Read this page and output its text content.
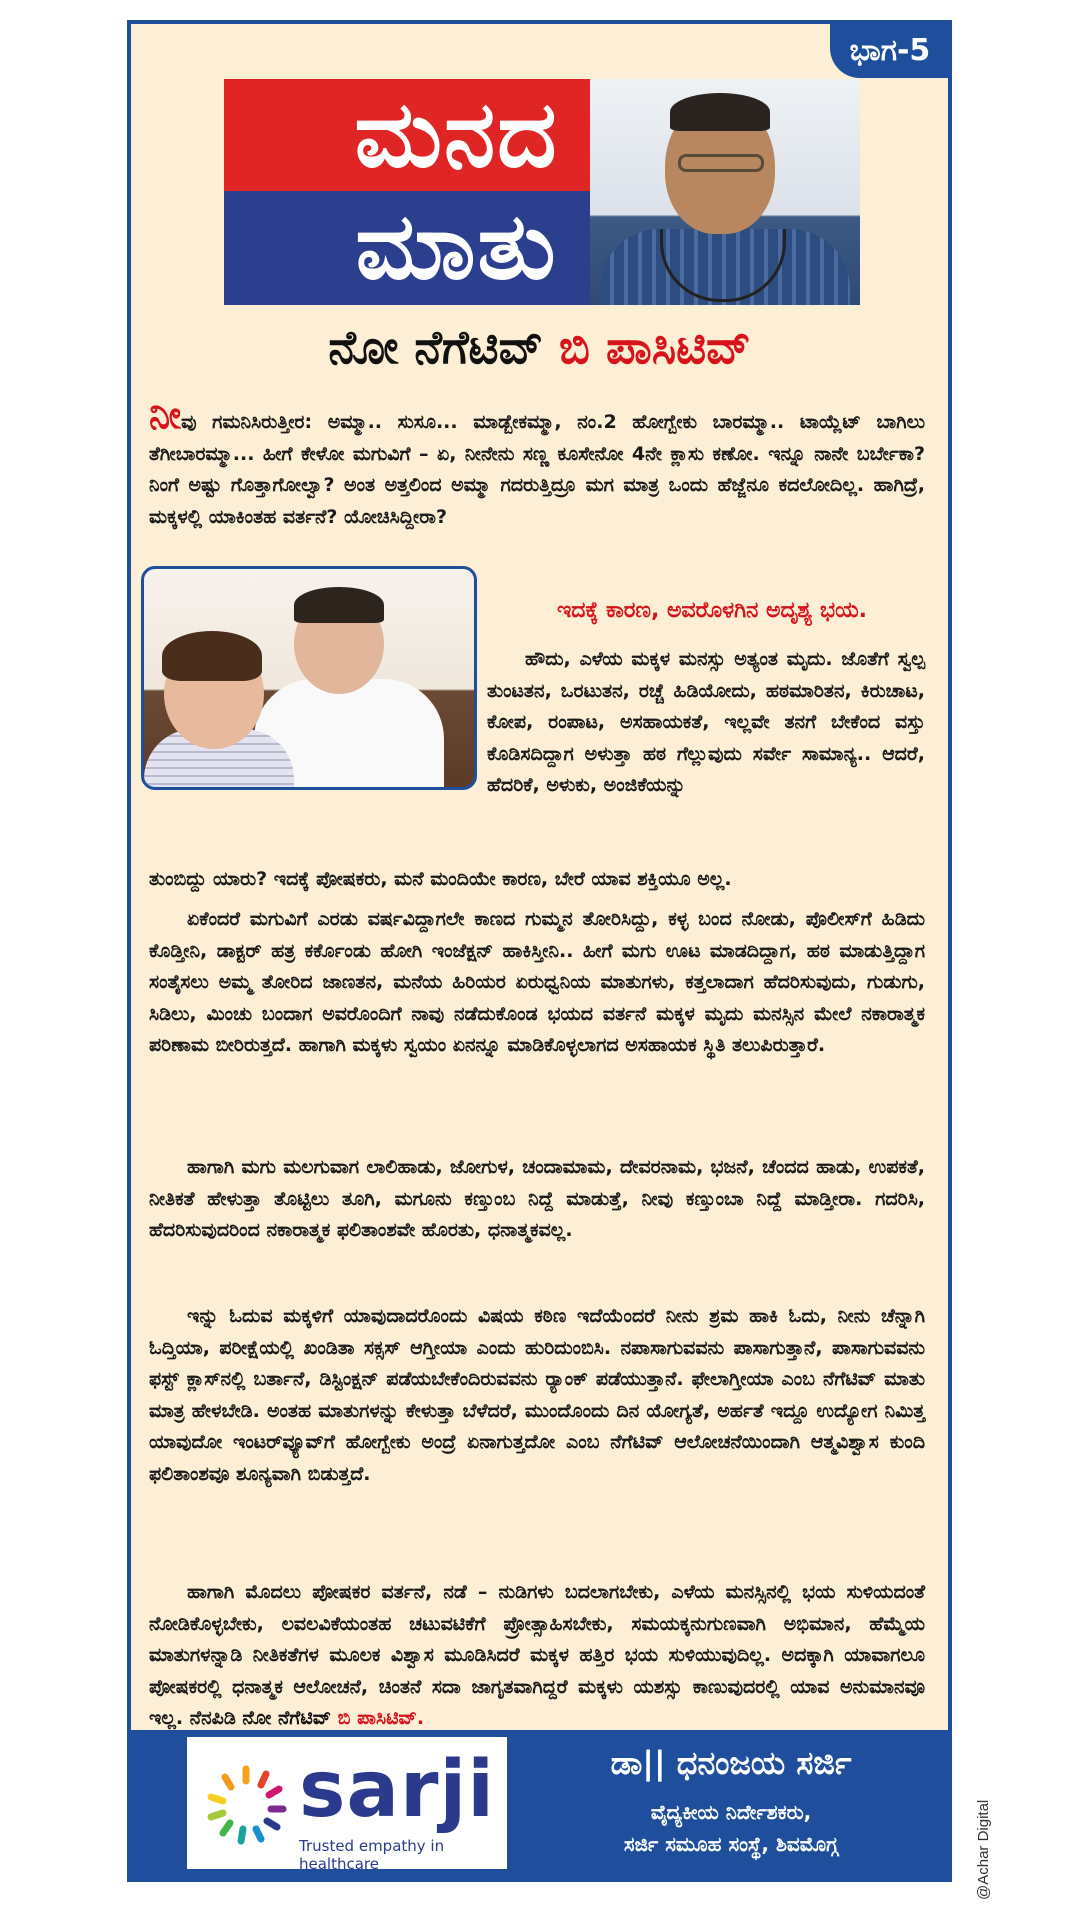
ಭಾಗ-5
ಮನದ
ಮಾತು
ನೋ ನೆಗೆಟಿವ್ ಬಿ ಪಾಸಿಟಿವ್

ನೀವು ಗಮನಿಸಿರುತ್ತೀರ: ಅಮ್ಮಾ.. ಸುಸೂ... ಮಾಡ್ಬೇಕಮ್ಮಾ, ನಂ.2 ಹೋಗ್ಬೇಕು ಬಾರಮ್ಮಾ.. ಟಾಯ್ಲೆಟ್ ಬಾಗಿಲು ತೆಗೀಬಾರಮ್ಮಾ... ಹೀಗೆ ಕೇಳೋ ಮಗುವಿಗೆ – ಏ, ನೀನೇನು ಸಣ್ಣ ಕೂಸೇನೋ 4ನೇ ಕ್ಲಾಸು ಕಣೋ. ಇನ್ನೂ ನಾನೇ ಬರ್ಬೇಕಾ? ನಿಂಗೆ ಅಷ್ಟು ಗೊತ್ತಾಗೋಲ್ವಾ? ಅಂತ ಅತ್ತಲಿಂದ ಅಮ್ಮಾ ಗದರುತ್ತಿದ್ರೂ ಮಗ ಮಾತ್ರ ಒಂದು ಹೆಜ್ಜೆನೂ ಕದಲೋದಿಲ್ಲ. ಹಾಗಿದ್ರೆ, ಮಕ್ಕಳಲ್ಲಿ ಯಾಕಿಂತಹ ವರ್ತನೆ? ಯೋಚಿಸಿದ್ದೀರಾ?

ಇದಕ್ಕೆ ಕಾರಣ, ಅವರೊಳಗಿನ ಅದೃಶ್ಯ ಭಯ.

ಹೌದು, ಎಳೆಯ ಮಕ್ಕಳ ಮನಸ್ಸು ಅತ್ಯಂತ ಮೃದು. ಜೊತೆಗೆ ಸ್ವಲ್ಪ ತುಂಟತನ, ಒರಟುತನ, ರಚ್ಚೆ ಹಿಡಿಯೋದು, ಹಠಮಾರಿತನ, ಕಿರುಚಾಟ, ಕೋಪ, ರಂಪಾಟ, ಅಸಹಾಯಕತೆ, ಇಲ್ಲವೇ ತನಗೆ ಬೇಕೆಂದ ವಸ್ತು ಕೊಡಿಸದಿದ್ದಾಗ ಅಳುತ್ತಾ ಹಠ ಗೆಲ್ಲುವುದು ಸರ್ವೇ ಸಾಮಾನ್ಯ.. ಆದರೆ, ಹೆದರಿಕೆ, ಅಳುಕು, ಅಂಜಿಕೆಯನ್ನು

ತುಂಬಿದ್ದು ಯಾರು? ಇದಕ್ಕೆ ಪೋಷಕರು, ಮನೆ ಮಂದಿಯೇ ಕಾರಣ, ಬೇರೆ ಯಾವ ಶಕ್ತಿಯೂ ಅಲ್ಲ.

ಏಕೆಂದರೆ ಮಗುವಿಗೆ ಎರಡು ವರ್ಷವಿದ್ದಾಗಲೇ ಕಾಣದ ಗುಮ್ಮನ ತೋರಿಸಿದ್ದು, ಕಳ್ಳ ಬಂದ ನೋಡು, ಪೊಲೀಸ್‌ಗೆ ಹಿಡಿದು ಕೊಡ್ತೀನಿ, ಡಾಕ್ಟರ್ ಹತ್ರ ಕರ್ಕೊಂಡು ಹೋಗಿ ಇಂಜೆಕ್ಷನ್ ಹಾಕಿಸ್ತೀನಿ.. ಹೀಗೆ ಮಗು ಊಟ ಮಾಡದಿದ್ದಾಗ, ಹಠ ಮಾಡುತ್ತಿದ್ದಾಗ ಸಂತೈಸಲು ಅಮ್ಮ ತೋರಿದ ಜಾಣತನ, ಮನೆಯ ಹಿರಿಯರ ಏರುಧ್ವನಿಯ ಮಾತುಗಳು, ಕತ್ತಲಾದಾಗ ಹೆದರಿಸುವುದು, ಗುಡುಗು, ಸಿಡಿಲು, ಮಿಂಚು ಬಂದಾಗ ಅವರೊಂದಿಗೆ ನಾವು ನಡೆದುಕೊಂಡ ಭಯದ ವರ್ತನೆ ಮಕ್ಕಳ ಮೃದು ಮನಸ್ಸಿನ ಮೇಲೆ ನಕಾರಾತ್ಮಕ ಪರಿಣಾಮ ಬೀರಿರುತ್ತದೆ. ಹಾಗಾಗಿ ಮಕ್ಕಳು ಸ್ವಯಂ ಏನನ್ನೂ ಮಾಡಿಕೊಳ್ಳಲಾಗದ ಅಸಹಾಯಕ ಸ್ಥಿತಿ ತಲುಪಿರುತ್ತಾರೆ.

ಹಾಗಾಗಿ ಮಗು ಮಲಗುವಾಗ ಲಾಲಿಹಾಡು, ಜೋಗುಳ, ಚಂದಾಮಾಮ, ದೇವರನಾಮ, ಭಜನೆ, ಚೆಂದದ ಹಾಡು, ಉಪಕತೆ, ನೀತಿಕತೆ ಹೇಳುತ್ತಾ ತೊಟ್ಟಿಲು ತೂಗಿ, ಮಗೂನು ಕಣ್ತುಂಬ ನಿದ್ದೆ ಮಾಡುತ್ತೆ, ನೀವು ಕಣ್ತುಂಬಾ ನಿದ್ದೆ ಮಾಡ್ತೀರಾ. ಗದರಿಸಿ, ಹೆದರಿಸುವುದರಿಂದ ನಕಾರಾತ್ಮಕ ಫಲಿತಾಂಶವೇ ಹೊರತು, ಧನಾತ್ಮಕವಲ್ಲ.

ಇನ್ನು ಓದುವ ಮಕ್ಕಳಿಗೆ ಯಾವುದಾದರೊಂದು ವಿಷಯ ಕಠಿಣ ಇದೆಯೆಂದರೆ ನೀನು ಶ್ರಮ ಹಾಕಿ ಓದು, ನೀನು ಚೆನ್ನಾಗಿ ಓದ್ತಿಯಾ, ಪರೀಕ್ಷೆಯಲ್ಲಿ ಖಂಡಿತಾ ಸಕ್ಸಸ್ ಆಗ್ತೀಯಾ ಎಂದು ಹುರಿದುಂಬಿಸಿ. ನಪಾಸಾಗುವವನು ಪಾಸಾಗುತ್ತಾನೆ, ಪಾಸಾಗುವವನು ಫಸ್ಟ್ ಕ್ಲಾಸ್‌ನಲ್ಲಿ ಬರ್ತಾನೆ, ಡಿಸ್ಟಿಂಕ್ಷನ್ ಪಡೆಯಬೇಕೆಂದಿರುವವನು ರ್‍ಯಾಂಕ್ ಪಡೆಯುತ್ತಾನೆ. ಫೇಲಾಗ್ತೀಯಾ ಎಂಬ ನೆಗೆಟಿವ್ ಮಾತು ಮಾತ್ರ ಹೇಳಬೇಡಿ. ಅಂತಹ ಮಾತುಗಳನ್ನು ಕೇಳುತ್ತಾ ಬೆಳೆದರೆ, ಮುಂದೊಂದು ದಿನ ಯೋಗ್ಯತೆ, ಅರ್ಹತೆ ಇದ್ದೂ ಉದ್ಯೋಗ ನಿಮಿತ್ತ ಯಾವುದೋ ಇಂಟರ್‌ವ್ಯೂವ್‌ಗೆ ಹೋಗ್ಬೇಕು ಅಂದ್ರೆ ಏನಾಗುತ್ತದೋ ಎಂಬ ನೆಗೆಟಿವ್ ಆಲೋಚನೆಯಿಂದಾಗಿ ಆತ್ಮವಿಶ್ವಾಸ ಕುಂದಿ ಫಲಿತಾಂಶವೂ ಶೂನ್ಯವಾಗಿ ಬಿಡುತ್ತದೆ.

ಹಾಗಾಗಿ ಮೊದಲು ಪೋಷಕರ ವರ್ತನೆ, ನಡೆ – ನುಡಿಗಳು ಬದಲಾಗಬೇಕು, ಎಳೆಯ ಮನಸ್ಸಿನಲ್ಲಿ ಭಯ ಸುಳಿಯದಂತೆ ನೋಡಿಕೊಳ್ಳಬೇಕು, ಲವಲವಿಕೆಯಂತಹ ಚಟುವಟಿಕೆಗೆ ಪ್ರೋತ್ಸಾಹಿಸಬೇಕು, ಸಮಯಕ್ಕನುಗುಣವಾಗಿ ಅಭಿಮಾನ, ಹೆಮ್ಮೆಯ ಮಾತುಗಳನ್ನಾಡಿ ನೀತಿಕತೆಗಳ ಮೂಲಕ ವಿಶ್ವಾಸ ಮೂಡಿಸಿದರೆ ಮಕ್ಕಳ ಹತ್ತಿರ ಭಯ ಸುಳಿಯುವುದಿಲ್ಲ. ಅದಕ್ಕಾಗಿ ಯಾವಾಗಲೂ ಪೋಷಕರಲ್ಲಿ ಧನಾತ್ಮಕ ಆಲೋಚನೆ, ಚಿಂತನೆ ಸದಾ ಜಾಗೃತವಾಗಿದ್ದರೆ ಮಕ್ಕಳು ಯಶಸ್ಸು ಕಾಣುವುದರಲ್ಲಿ ಯಾವ ಅನುಮಾನವೂ ಇಲ್ಲ. ನೆನಪಿಡಿ ನೋ ನೆಗೆಟಿವ್ ಬಿ ಪಾಸಿಟಿವ್.

sarji
Trusted empathy in healthcare
ಡಾ|| ಧನಂಜಯ ಸರ್ಜಿ
ವೈದ್ಯಕೀಯ ನಿರ್ದೇಶಕರು,
ಸರ್ಜಿ ಸಮೂಹ ಸಂಸ್ಥೆ, ಶಿವಮೊಗ್ಗ	@Achar Digital
